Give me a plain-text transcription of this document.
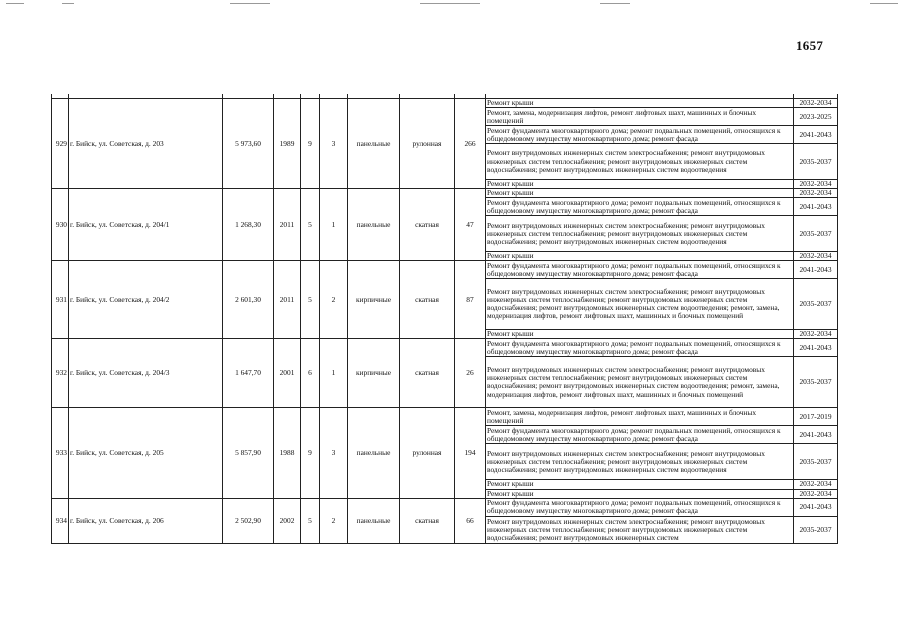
1657

929	г. Бийск, ул. Советская, д. 203	5 973,60	1989	9	3	панельные	рулонная	266	Ремонт крыши	2032-2034
									Ремонт, замена, модернизация лифтов, ремонт лифтовых шахт, машинных и блочных помещений	2023-2025
									Ремонт фундамента многоквартирного дома; ремонт подвальных помещений, относящихся к общедомовому имуществу многоквартирного дома; ремонт фасада	2041-2043
									Ремонт внутридомовых инженерных систем электроснабжения; ремонт внутридомовых инженерных систем теплоснабжения; ремонт внутридомовых инженерных систем водоснабжения; ремонт внутридомовых инженерных систем водоотведения	2035-2037
									Ремонт крыши	2032-2034
930	г. Бийск, ул. Советская, д. 204/1	1 268,30	2011	5	1	панельные	скатная	47	Ремонт крыши	2032-2034
									Ремонт фундамента многоквартирного дома; ремонт подвальных помещений, относящихся к общедомовому имуществу многоквартирного дома; ремонт фасада	2041-2043
									Ремонт внутридомовых инженерных систем электроснабжения; ремонт внутридомовых инженерных систем теплоснабжения; ремонт внутридомовых инженерных систем водоснабжения; ремонт внутридомовых инженерных систем водоотведения	2035-2037
									Ремонт крыши	2032-2034
931	г. Бийск, ул. Советская, д. 204/2	2 601,30	2011	5	2	кирпичные	скатная	87	Ремонт фундамента многоквартирного дома; ремонт подвальных помещений, относящихся к общедомовому имуществу многоквартирного дома; ремонт фасада	2041-2043
									Ремонт внутридомовых инженерных систем электроснабжения; ремонт внутридомовых инженерных систем теплоснабжения; ремонт внутридомовых инженерных систем водоснабжения; ремонт внутридомовых инженерных систем водоотведения; ремонт, замена, модернизация лифтов, ремонт лифтовых шахт, машинных и блочных помещений	2035-2037
									Ремонт крыши	2032-2034
932	г. Бийск, ул. Советская, д. 204/3	1 647,70	2001	6	1	кирпичные	скатная	26	Ремонт фундамента многоквартирного дома; ремонт подвальных помещений, относящихся к общедомовому имуществу многоквартирного дома; ремонт фасада	2041-2043
									Ремонт внутридомовых инженерных систем электроснабжения; ремонт внутридомовых инженерных систем теплоснабжения; ремонт внутридомовых инженерных систем водоснабжения; ремонт внутридомовых инженерных систем водоотведения; ремонт, замена, модернизация лифтов, ремонт лифтовых шахт, машинных и блочных помещений	2035-2037
933	г. Бийск, ул. Советская, д. 205	5 857,90	1988	9	3	панельные	рулонная	194	Ремонт, замена, модернизация лифтов, ремонт лифтовых шахт, машинных и блочных помещений	2017-2019
									Ремонт фундамента многоквартирного дома; ремонт подвальных помещений, относящихся к общедомовому имуществу многоквартирного дома; ремонт фасада	2041-2043
									Ремонт внутридомовых инженерных систем электроснабжения; ремонт внутридомовых инженерных систем теплоснабжения; ремонт внутридомовых инженерных систем водоснабжения; ремонт внутридомовых инженерных систем водоотведения	2035-2037
									Ремонт крыши	2032-2034
									Ремонт крыши	2032-2034
934	г. Бийск, ул. Советская, д. 206	2 502,90	2002	5	2	панельные	скатная	66	Ремонт фундамента многоквартирного дома; ремонт подвальных помещений, относящихся к общедомовому имуществу многоквартирного дома; ремонт фасада	2041-2043
									Ремонт внутридомовых инженерных систем электроснабжения; ремонт внутридомовых инженерных систем теплоснабжения; ремонт внутридомовых инженерных систем водоснабжения; ремонт внутридомовых инженерных систем	2035-2037
